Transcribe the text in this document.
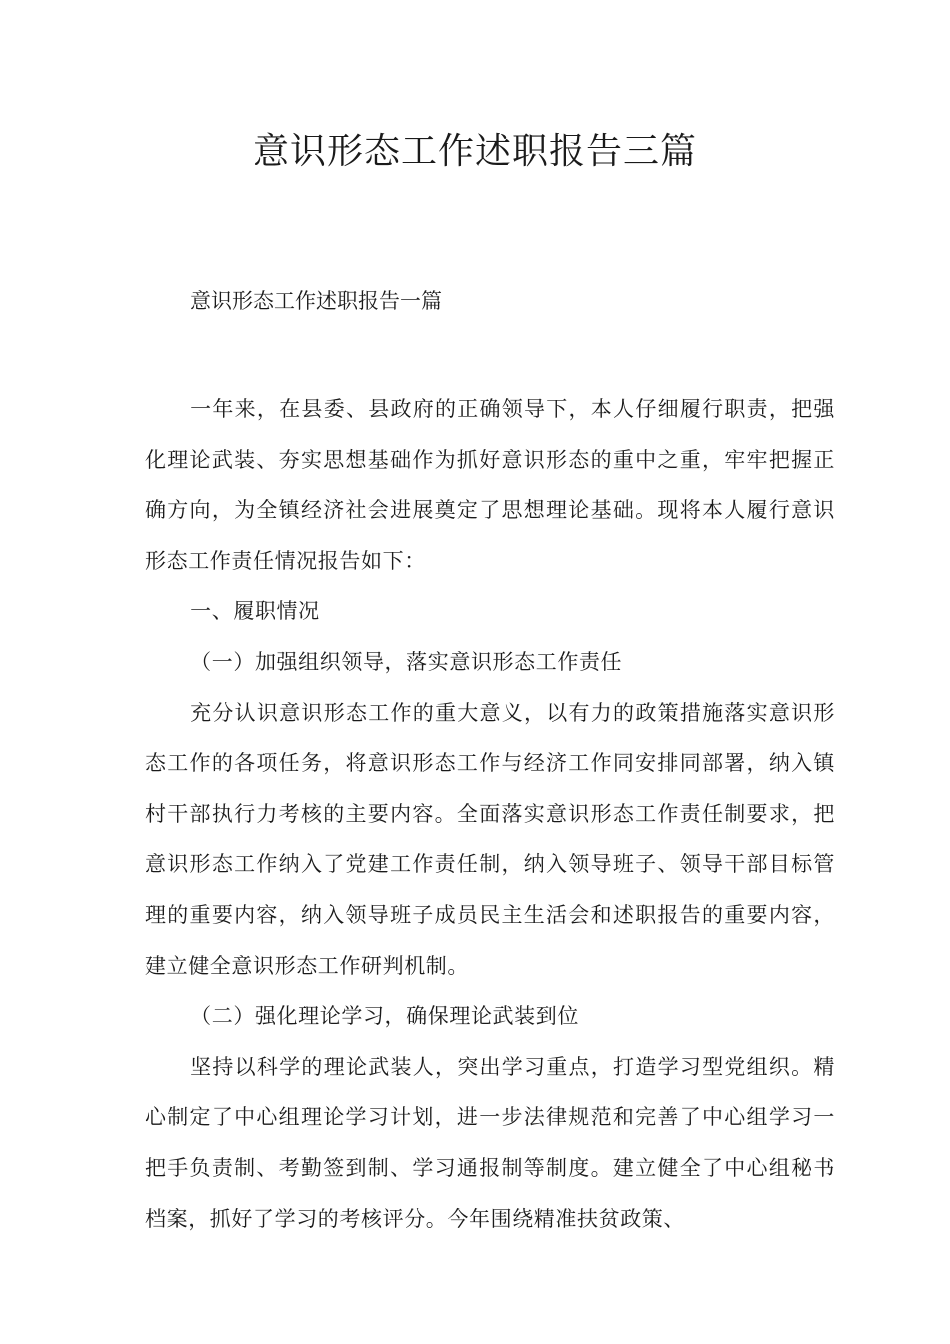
意识形态工作述职报告三篇
意识形态工作述职报告一篇

一年来，在县委、县政府的正确领导下，本人仔细履行职责，把强化理论武装、夯实思想基础作为抓好意识形态的重中之重，牢牢把握正确方向，为全镇经济社会进展奠定了思想理论基础。现将本人履行意识形态工作责任情况报告如下：

一、履职情况

（一）加强组织领导，落实意识形态工作责任

充分认识意识形态工作的重大意义，以有力的政策措施落实意识形态工作的各项任务，将意识形态工作与经济工作同安排同部署，纳入镇村干部执行力考核的主要内容。全面落实意识形态工作责任制要求，把意识形态工作纳入了党建工作责任制，纳入领导班子、领导干部目标管理的重要内容，纳入领导班子成员民主生活会和述职报告的重要内容，建立健全意识形态工作研判机制。

（二）强化理论学习，确保理论武装到位

坚持以科学的理论武装人，突出学习重点，打造学习型党组织。精心制定了中心组理论学习计划，进一步法律规范和完善了中心组学习一把手负责制、考勤签到制、学习通报制等制度。建立健全了中心组秘书档案，抓好了学习的考核评分。今年围绕精准扶贫政策、
